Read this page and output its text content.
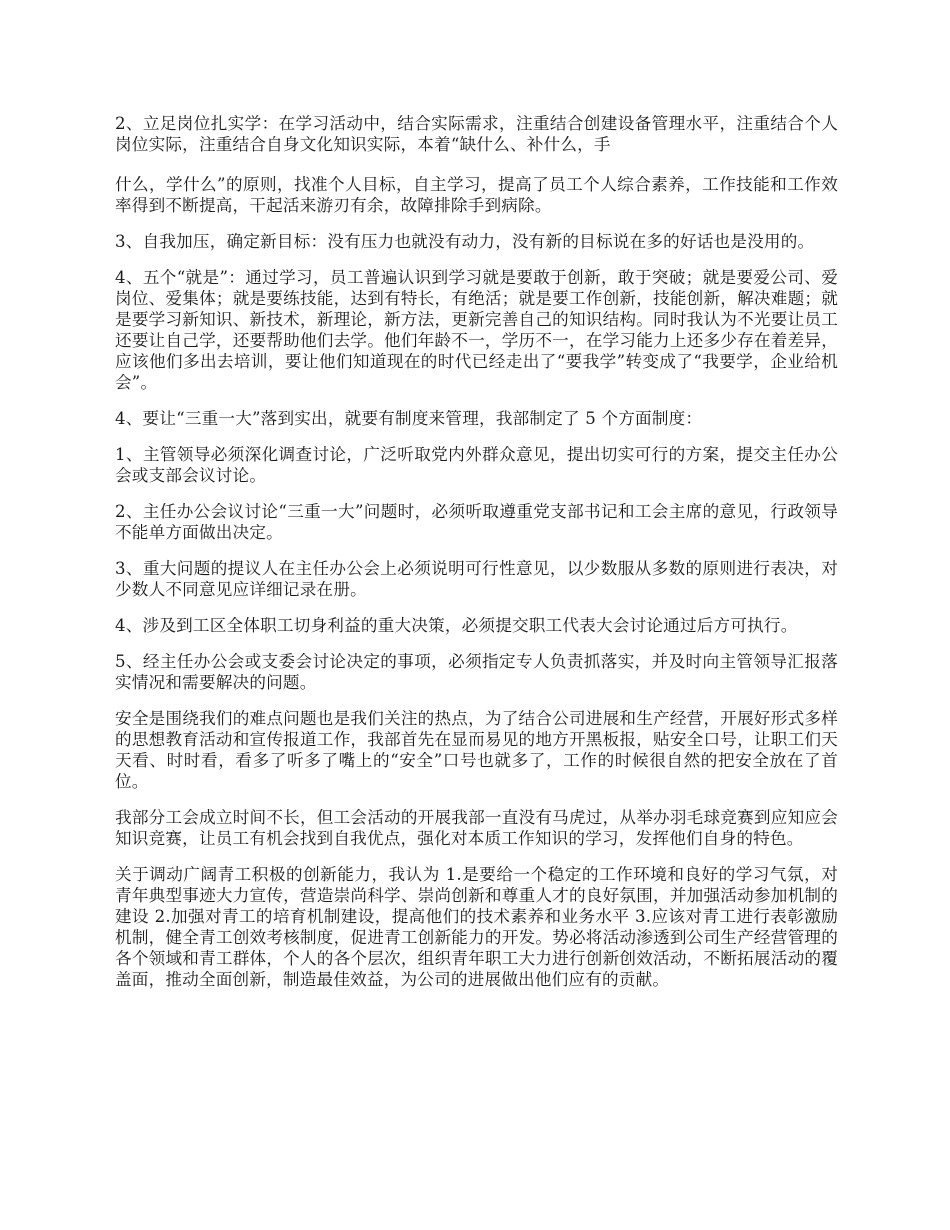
2、立足岗位扎实学：在学习活动中，结合实际需求，注重结合创建设备管理水平，注重结合个人岗位实际，注重结合自身文化知识实际，本着“缺什么、补什么，手

什么，学什么”的原则，找准个人目标，自主学习，提高了员工个人综合素养，工作技能和工作效率得到不断提高，干起活来游刃有余，故障排除手到病除。

3、自我加压，确定新目标：没有压力也就没有动力，没有新的目标说在多的好话也是没用的。

4、五个“就是”：通过学习，员工普遍认识到学习就是要敢于创新，敢于突破；就是要爱公司、爱岗位、爱集体；就是要练技能，达到有特长，有绝活；就是要工作创新，技能创新，解决难题；就是要学习新知识、新技术，新理论，新方法，更新完善自己的知识结构。同时我认为不光要让员工还要让自己学，还要帮助他们去学。他们年龄不一，学历不一，在学习能力上还多少存在着差异，应该他们多出去培训，要让他们知道现在的时代已经走出了“要我学”转变成了“我要学，企业给机会”。

4、要让“三重一大”落到实出，就要有制度来管理，我部制定了 5 个方面制度：

1、主管领导必须深化调查讨论，广泛听取党内外群众意见，提出切实可行的方案，提交主任办公会或支部会议讨论。

2、主任办公会议讨论“三重一大”问题时，必须听取遵重党支部书记和工会主席的意见，行政领导不能单方面做出决定。

3、重大问题的提议人在主任办公会上必须说明可行性意见，以少数服从多数的原则进行表决，对少数人不同意见应详细记录在册。

4、涉及到工区全体职工切身利益的重大决策，必须提交职工代表大会讨论通过后方可执行。

5、经主任办公会或支委会讨论决定的事项，必须指定专人负责抓落实，并及时向主管领导汇报落实情况和需要解决的问题。

安全是围绕我们的难点问题也是我们关注的热点，为了结合公司进展和生产经营，开展好形式多样的思想教育活动和宣传报道工作，我部首先在显而易见的地方开黑板报，贴安全口号，让职工们天天看、时时看，看多了听多了嘴上的“安全”口号也就多了，工作的时候很自然的把安全放在了首位。

我部分工会成立时间不长，但工会活动的开展我部一直没有马虎过，从举办羽毛球竞赛到应知应会知识竞赛，让员工有机会找到自我优点，强化对本质工作知识的学习，发挥他们自身的特色。

关于调动广阔青工积极的创新能力，我认为 1.是要给一个稳定的工作环境和良好的学习气氛，对青年典型事迹大力宣传，营造崇尚科学、崇尚创新和尊重人才的良好氛围，并加强活动参加机制的建设 2.加强对青工的培育机制建设，提高他们的技术素养和业务水平 3.应该对青工进行表彰激励机制，健全青工创效考核制度，促进青工创新能力的开发。势必将活动渗透到公司生产经营管理的各个领域和青工群体，个人的各个层次，组织青年职工大力进行创新创效活动，不断拓展活动的覆盖面，推动全面创新，制造最佳效益，为公司的进展做出他们应有的贡献。
